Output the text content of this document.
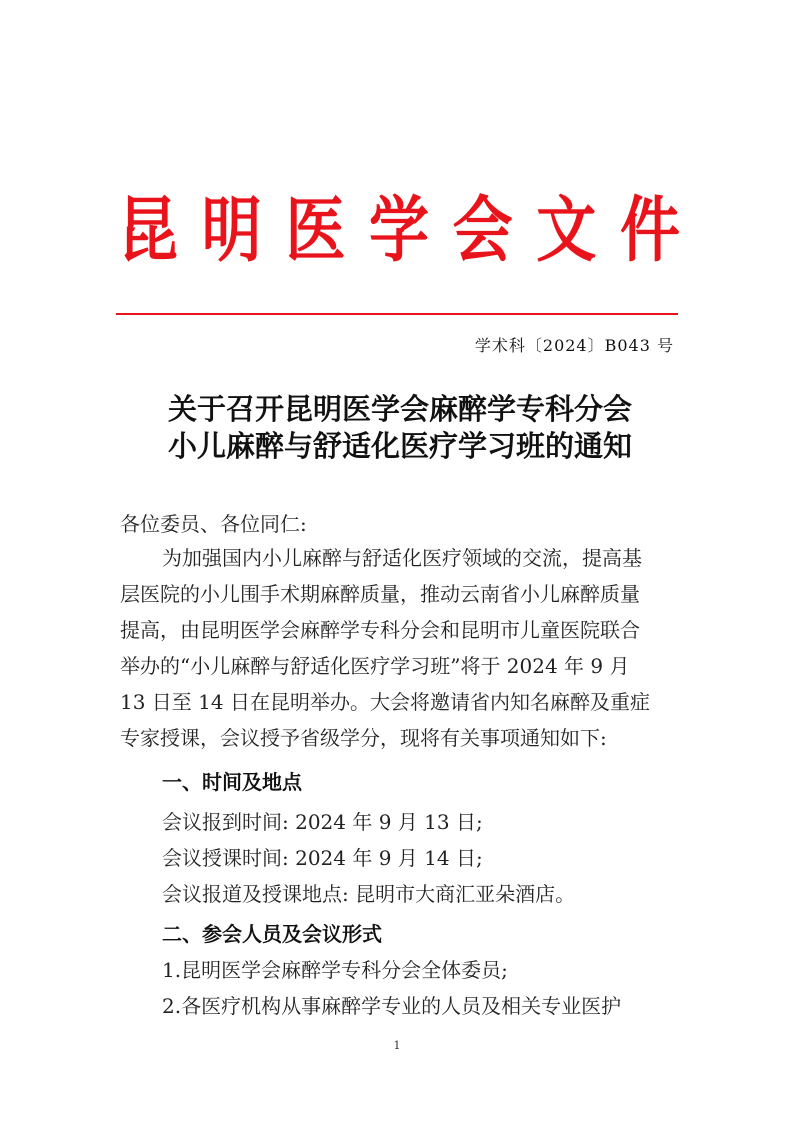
昆 明 医 学 会 文 件
学术科〔2024〕B043 号
关于召开昆明医学会麻醉学专科分会
小儿麻醉与舒适化医疗学习班的通知
各位委员、各位同仁:
为加强国内小儿麻醉与舒适化医疗领域的交流，提高基
层医院的小儿围手术期麻醉质量，推动云南省小儿麻醉质量
提高，由昆明医学会麻醉学专科分会和昆明市儿童医院联合
举办的“小儿麻醉与舒适化医疗学习班”将于 2024 年 9 月
13 日至 14 日在昆明举办。大会将邀请省内知名麻醉及重症
专家授课，会议授予省级学分，现将有关事项通知如下:
一、时间及地点
会议报到时间: 2024 年 9 月 13 日;
会议授课时间: 2024 年 9 月 14 日;
会议报道及授课地点: 昆明市大商汇亚朵酒店。
二、参会人员及会议形式
1.昆明医学会麻醉学专科分会全体委员;
2.各医疗机构从事麻醉学专业的人员及相关专业医护
1
